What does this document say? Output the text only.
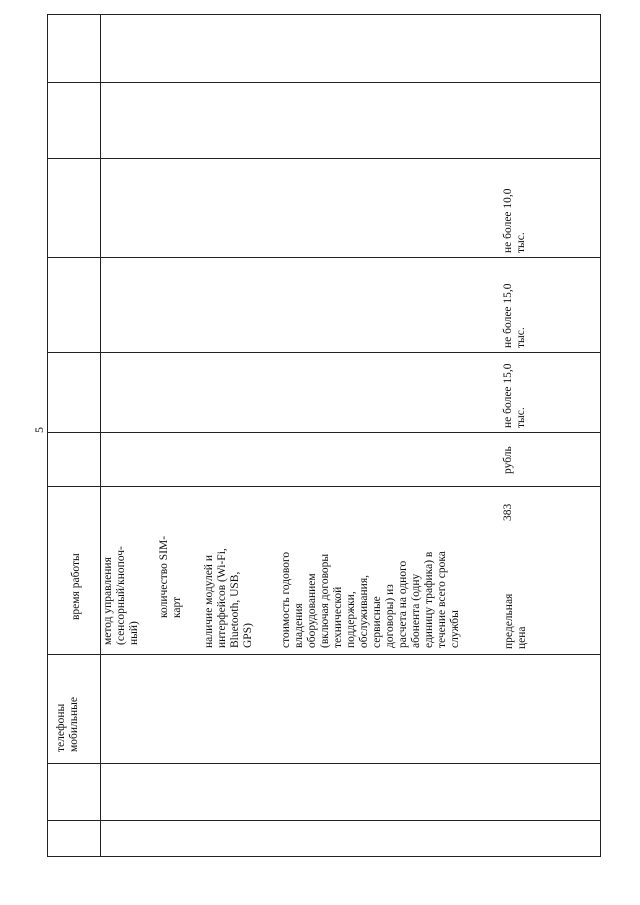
5
телефоны мобильные
время работы метод управления (сенсорный/кнопоч- ный)
количество SIM- карт наличие модулей и интерфейсов (Wi-Fi, Bluetooth, USB, GPS) стоимость годового владения оборудованием (включая договоры технической поддержки, обслуживания, сервисные договоры) из расчета на одного абонента (одну единицу трафика) в течение всего срока службы	предельная цена
383
рубль
не более 15,0 тыс.
не более 15,0 тыс.
не более 10,0 тыс.
